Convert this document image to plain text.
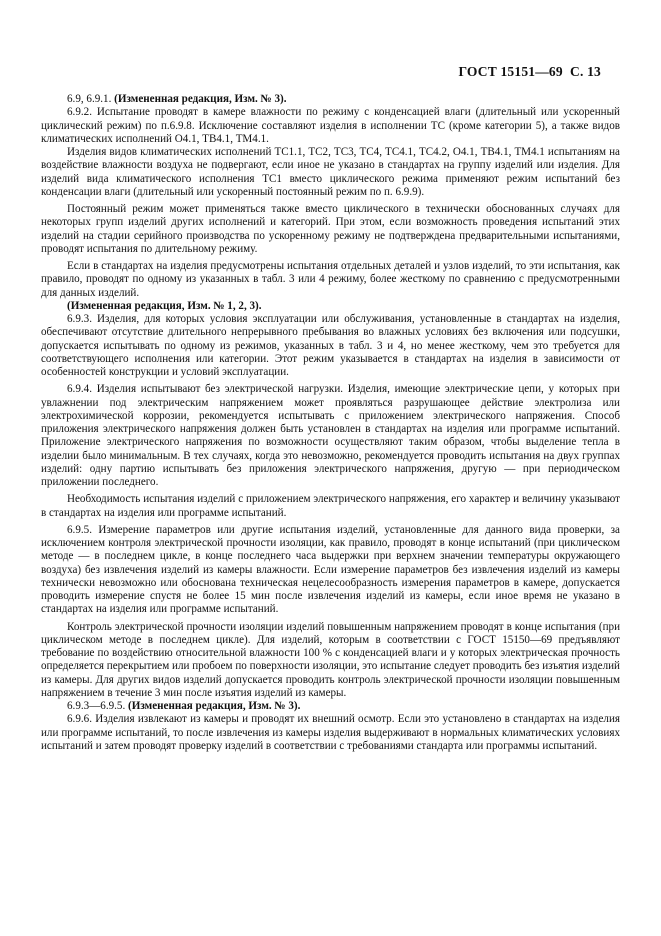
ГОСТ 15151—69 С. 13

6.9, 6.9.1. (Измененная редакция, Изм. № 3).

6.9.2. Испытание проводят в камере влажности по режиму с конденсацией влаги (длительный или ускоренный циклический режим) по п.6.9.8. Исключение составляют изделия в исполнении ТС (кроме категории 5), а также видов климатических исполнений О4.1, ТВ4.1, ТМ4.1.

Изделия видов климатических исполнений ТС1.1, ТС2, ТС3, ТС4, ТС4.1, ТС4.2, О4.1, ТВ4.1, ТМ4.1 испытаниям на воздействие влажности воздуха не подвергают, если иное не указано в стандартах на группу изделий или изделия. Для изделий вида климатического исполнения ТС1 вместо циклического режима применяют режим испытаний без конденсации влаги (длительный или ускоренный постоянный режим по п. 6.9.9).

Постоянный режим может применяться также вместо циклического в технически обоснованных случаях для некоторых групп изделий других исполнений и категорий. При этом, если возможность проведения испытаний этих изделий на стадии серийного производства по ускоренному режиму не подтверждена предварительными испытаниями, проводят испытания по длительному режиму.

Если в стандартах на изделия предусмотрены испытания отдельных деталей и узлов изделий, то эти испытания, как правило, проводят по одному из указанных в табл. 3 или 4 режиму, более жесткому по сравнению с предусмотренными для данных изделий.

(Измененная редакция, Изм. № 1, 2, 3).

6.9.3. Изделия, для которых условия эксплуатации или обслуживания, установленные в стандартах на изделия, обеспечивают отсутствие длительного непрерывного пребывания во влажных условиях без включения или подсушки, допускается испытывать по одному из режимов, указанных в табл. 3 и 4, но менее жесткому, чем это требуется для соответствующего исполнения или категории. Этот режим указывается в стандартах на изделия в зависимости от особенностей конструкции и условий эксплуатации.

6.9.4. Изделия испытывают без электрической нагрузки. Изделия, имеющие электрические цепи, у которых при увлажнении под электрическим напряжением может проявляться разрушающее действие электролиза или электрохимической коррозии, рекомендуется испытывать с приложением электрического напряжения. Способ приложения электрического напряжения должен быть установлен в стандартах на изделия или программе испытаний. Приложение электрического напряжения по возможности осуществляют таким образом, чтобы выделение тепла в изделии было минимальным. В тех случаях, когда это невозможно, рекомендуется проводить испытания на двух группах изделий: одну партию испытывать без приложения электрического напряжения, другую — при периодическом приложении последнего.

Необходимость испытания изделий с приложением электрического напряжения, его характер и величину указывают в стандартах на изделия или программе испытаний.

6.9.5. Измерение параметров или другие испытания изделий, установленные для данного вида проверки, за исключением контроля электрической прочности изоляции, как правило, проводят в конце испытаний (при циклическом методе — в последнем цикле, в конце последнего часа выдержки при верхнем значении температуры окружающего воздуха) без извлечения изделий из камеры влажности. Если измерение параметров без извлечения изделий из камеры технически невозможно или обоснована техническая нецелесообразность измерения параметров в камере, допускается проводить измерение спустя не более 15 мин после извлечения изделий из камеры, если иное время не указано в стандартах на изделия или программе испытаний.

Контроль электрической прочности изоляции изделий повышенным напряжением проводят в конце испытания (при циклическом методе в последнем цикле). Для изделий, которым в соответствии с ГОСТ 15150—69 предъявляют требование по воздействию относительной влажности 100 % с конденсацией влаги и у которых электрическая прочность определяется перекрытием или пробоем по поверхности изоляции, это испытание следует проводить без изъятия изделий из камеры. Для других видов изделий допускается проводить контроль электрической прочности изоляции повышенным напряжением в течение 3 мин после изъятия изделий из камеры.

6.9.3—6.9.5. (Измененная редакция, Изм. № 3).

6.9.6. Изделия извлекают из камеры и проводят их внешний осмотр. Если это установлено в стандартах на изделия или программе испытаний, то после извлечения из камеры изделия выдерживают в нормальных климатических условиях испытаний и затем проводят проверку изделий в соответствии с требованиями стандарта или программы испытаний.
